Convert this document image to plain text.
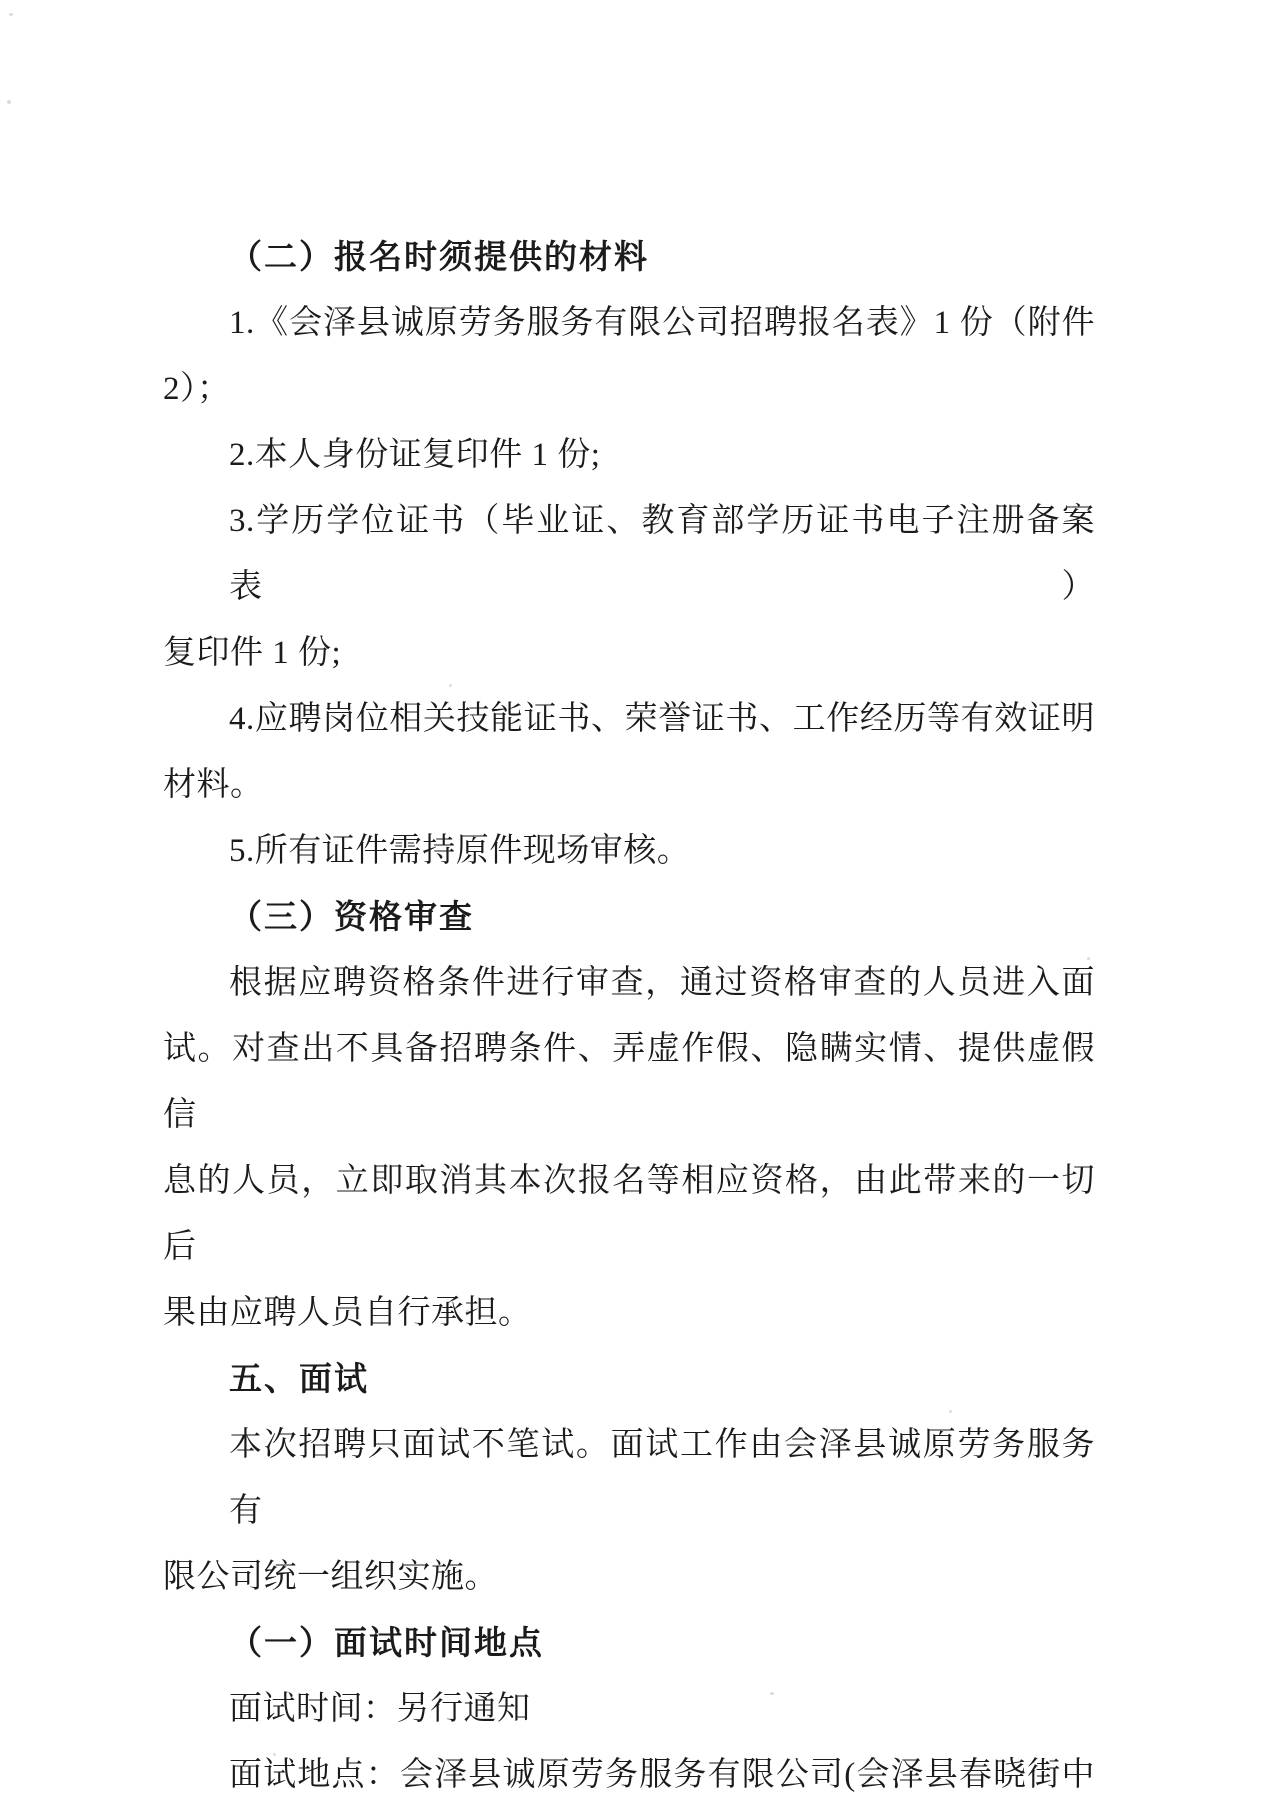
（二）报名时须提供的材料
1.《会泽县诚原劳务服务有限公司招聘报名表》1 份（附件
2）；
2.本人身份证复印件 1 份;
3.学历学位证书（毕业证、教育部学历证书电子注册备案表）
复印件 1 份;
4.应聘岗位相关技能证书、荣誉证书、工作经历等有效证明
材料。
5.所有证件需持原件现场审核。
（三）资格审查
根据应聘资格条件进行审查，通过资格审查的人员进入面
试。对查出不具备招聘条件、弄虚作假、隐瞒实情、提供虚假信
息的人员，立即取消其本次报名等相应资格，由此带来的一切后
果由应聘人员自行承担。
五、面试
本次招聘只面试不笔试。面试工作由会泽县诚原劳务服务有
限公司统一组织实施。
（一）面试时间地点
面试时间：另行通知
面试地点：会泽县诚原劳务服务有限公司(会泽县春晓街中
